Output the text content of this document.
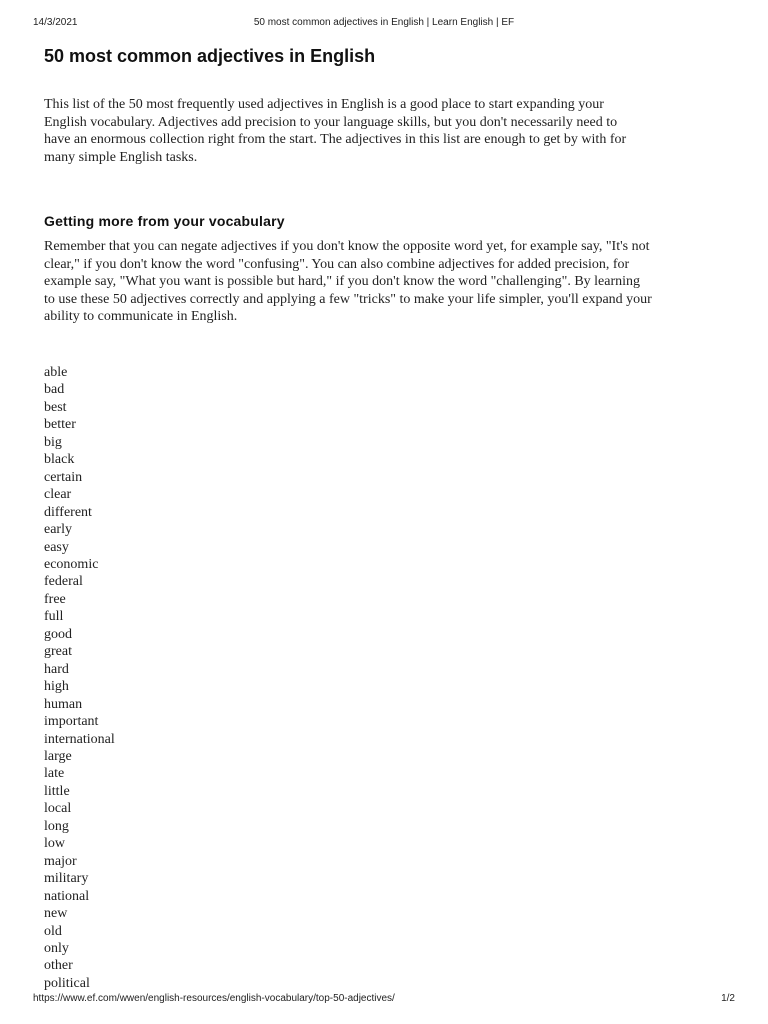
14/3/2021	50 most common adjectives in English | Learn English | EF
50 most common adjectives in English

This list of the 50 most frequently used adjectives in English is a good place to start expanding your English vocabulary. Adjectives add precision to your language skills, but you don't necessarily need to have an enormous collection right from the start. The adjectives in this list are enough to get by with for many simple English tasks.

Getting more from your vocabulary

Remember that you can negate adjectives if you don't know the opposite word yet, for example say, "It's not clear," if you don't know the word "confusing". You can also combine adjectives for added precision, for example say, "What you want is possible but hard," if you don't know the word "challenging". By learning to use these 50 adjectives correctly and applying a few "tricks" to make your life simpler, you'll expand your ability to communicate in English.

able
bad
best
better
big
black
certain
clear
different
early
easy
economic
federal
free
full
good
great
hard
high
human
important
international
large
late
little
local
long
low
major
military
national
new
old
only
other
political
https://www.ef.com/wwen/english-resources/english-vocabulary/top-50-adjectives/	1/2
